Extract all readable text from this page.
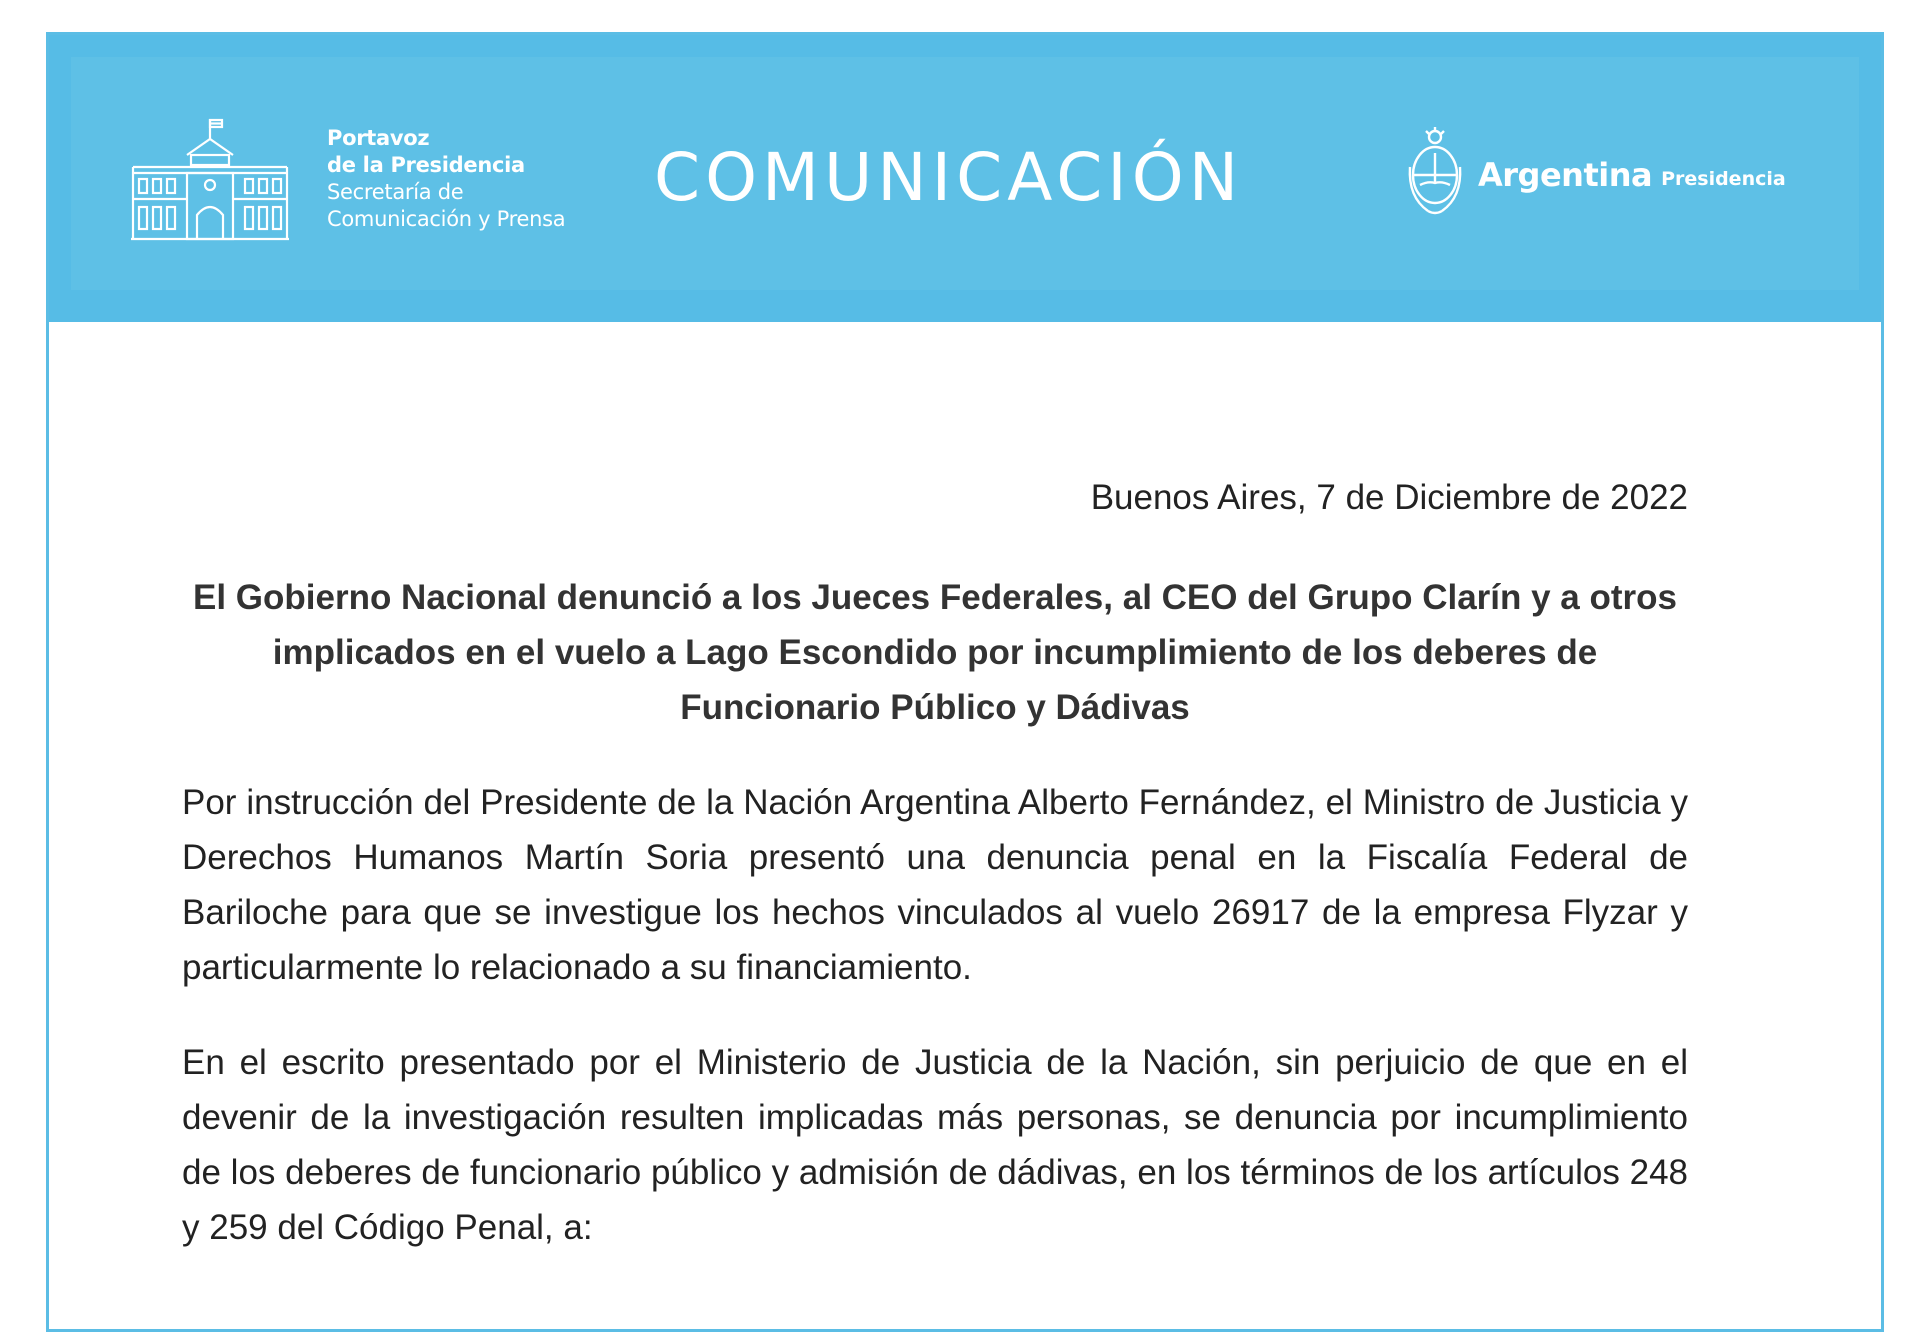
Portavoz
de la Presidencia
Secretaría de
Comunicación y Prensa
COMUNICACIÓN	Argentina Presidencia
Buenos Aires, 7 de Diciembre de 2022
El Gobierno Nacional denunció a los Jueces Federales, al CEO del Grupo Clarín y a otros implicados en el vuelo a Lago Escondido por incumplimiento de los deberes de Funcionario Público y Dádivas

Por instrucción del Presidente de la Nación Argentina Alberto Fernández, el Ministro de Justicia y Derechos Humanos Martín Soria presentó una denuncia penal en la Fiscalía Federal de Bariloche para que se investigue los hechos vinculados al vuelo 26917 de la empresa Flyzar y particularmente lo relacionado a su financiamiento.

En el escrito presentado por el Ministerio de Justicia de la Nación, sin perjuicio de que en el devenir de la investigación resulten implicadas más personas, se denuncia por incumplimiento de los deberes de funcionario público y admisión de dádivas, en los términos de los artículos 248 y 259 del Código Penal, a:
